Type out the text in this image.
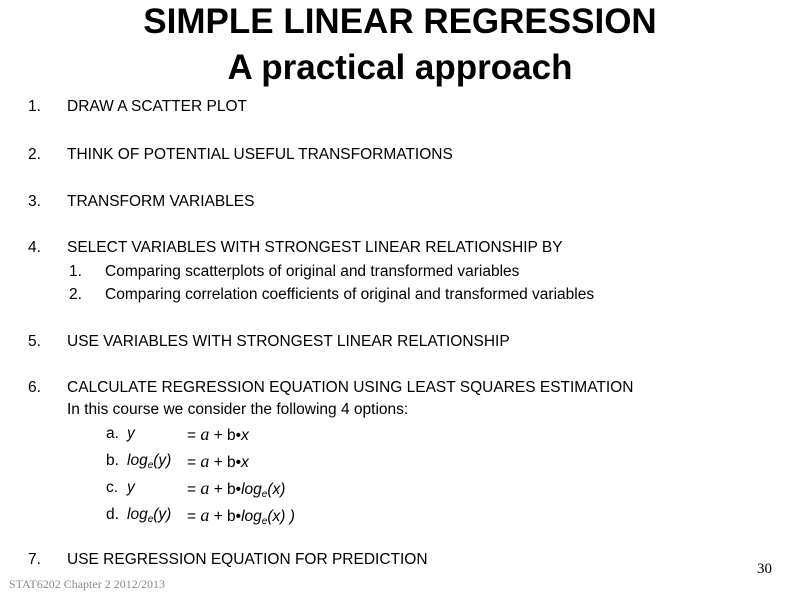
SIMPLE LINEAR REGRESSION
A practical approach
1. DRAW A SCATTER PLOT
2. THINK OF POTENTIAL USEFUL TRANSFORMATIONS
3. TRANSFORM VARIABLES
4. SELECT VARIABLES WITH STRONGEST LINEAR RELATIONSHIP BY
1. Comparing scatterplots of original and transformed variables
2. Comparing correlation coefficients of original and transformed variables
5. USE VARIABLES WITH STRONGEST LINEAR RELATIONSHIP
6. CALCULATE REGRESSION EQUATION USING LEAST SQUARES ESTIMATION
In this course we consider the following 4 options:
a. y	= a + b•x
b. $\log_e(y) = a$ + b•x
c. y	= $a + b•\log_e(x)$
d. $\log_e(y) = a$ + $b•\log_e(x)$ )
7. USE REGRESSION EQUATION FOR PREDICTION
30
STAT6202 Chapter 2 2012/2013
